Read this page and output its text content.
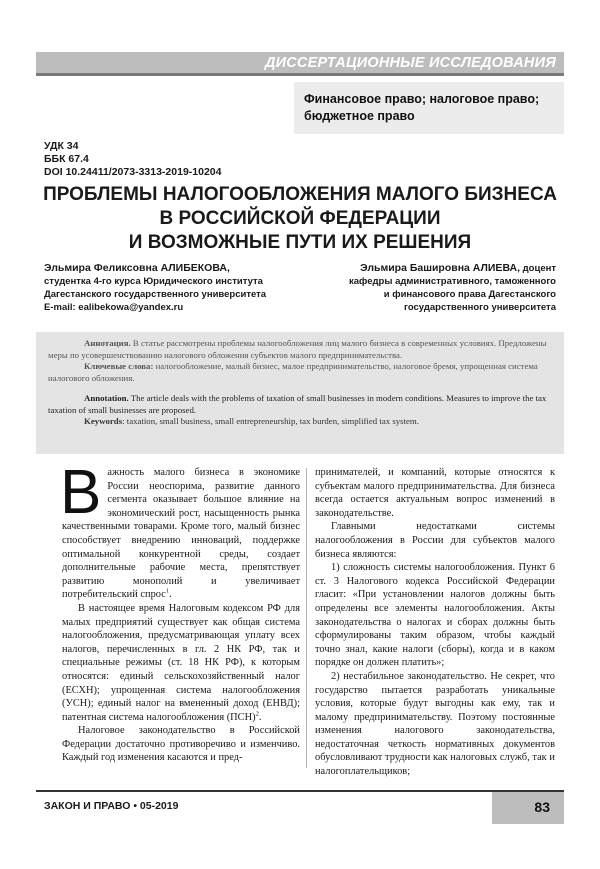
ДИССЕРТАЦИОННЫЕ ИССЛЕДОВАНИЯ
Финансовое право; налоговое право;
бюджетное право
УДК 34
ББК 67.4
DOI 10.24411/2073-3313-2019-10204
ПРОБЛЕМЫ НАЛОГООБЛОЖЕНИЯ МАЛОГО БИЗНЕСА
В РОССИЙСКОЙ ФЕДЕРАЦИИ
И ВОЗМОЖНЫЕ ПУТИ ИХ РЕШЕНИЯ
Эльмира Феликсовна АЛИБЕКОВА,
студентка 4-го курса Юридического института
Дагестанского государственного университета
E-mail: ealibekowa@yandex.ru
Эльмира Башировна АЛИЕВА, доцент
кафедры административного, таможенного
и финансового права Дагестанского
государственного университета

Аннотация. В статье рассмотрены проблемы налогообложения лиц малого бизнеса в современных условиях. Предложены меры по усовершенствованию налогового обложения субъектов малого предпринимательства.

Ключевые слова: налогообложение, малый бизнес, малое предпринимательство, налоговое бремя, упрощенная система налогового обложения.

Annotation. The article deals with the problems of taxation of small businesses in modern conditions. Measures to improve the tax taxation of small businesses are proposed.

Keywords: taxation, small business, small entrepreneurship, tax burden, simplified tax system.

Важность малого бизнеса в экономике России неоспорима, развитие данного сегмента оказывает большое влияние на экономический рост, насыщенность рынка качественными товарами. Кроме того, малый бизнес способствует внедрению инноваций, поддержке оптимальной конкурентной среды, создает дополнительные рабочие места, препятствует развитию монополий и увеличивает потребительский спрос$^1$.

В настоящее время Налоговым кодексом РФ для малых предприятий существует как общая система налогообложения, предусматривающая уплату всех налогов, перечисленных в гл. 2 НК РФ, так и специальные режимы (ст. 18 НК РФ), к которым относятся: единый сельскохозяйственный налог (ЕСХН); упрощенная система налогообложения (УСН); единый налог на вмененный доход (ЕНВД); патентная система налогообложения (ПСН)$^2$.

Налоговое законодательство в Российской Федерации достаточно противоречиво и изменчиво. Каждый год изменения касаются и пред-

принимателей, и компаний, которые относятся к субъектам малого предпринимательства. Для бизнеса всегда остается актуальным вопрос изменений в законодательстве.

Главными недостатками системы налогообложения в России для субъектов малого бизнеса являются:

1) сложность системы налогообложения. Пункт 6 ст. 3 Налогового кодекса Российской Федерации гласит: «При установлении налогов должны быть определены все элементы налогообложения. Акты законодательства о налогах и сборах должны быть сформулированы таким образом, чтобы каждый точно знал, какие налоги (сборы), когда и в каком порядке он должен платить»;

2) нестабильное законодательство. Не секрет, что государство пытается разработать уникальные условия, которые будут выгодны как ему, так и малому предпринимательству. Поэтому постоянные изменения налогового законодательства, недостаточная четкость нормативных документов обусловливают трудности как налоговых служб, так и налогоплательщиков;

ЗАКОН И ПРАВО • 05-2019	83
